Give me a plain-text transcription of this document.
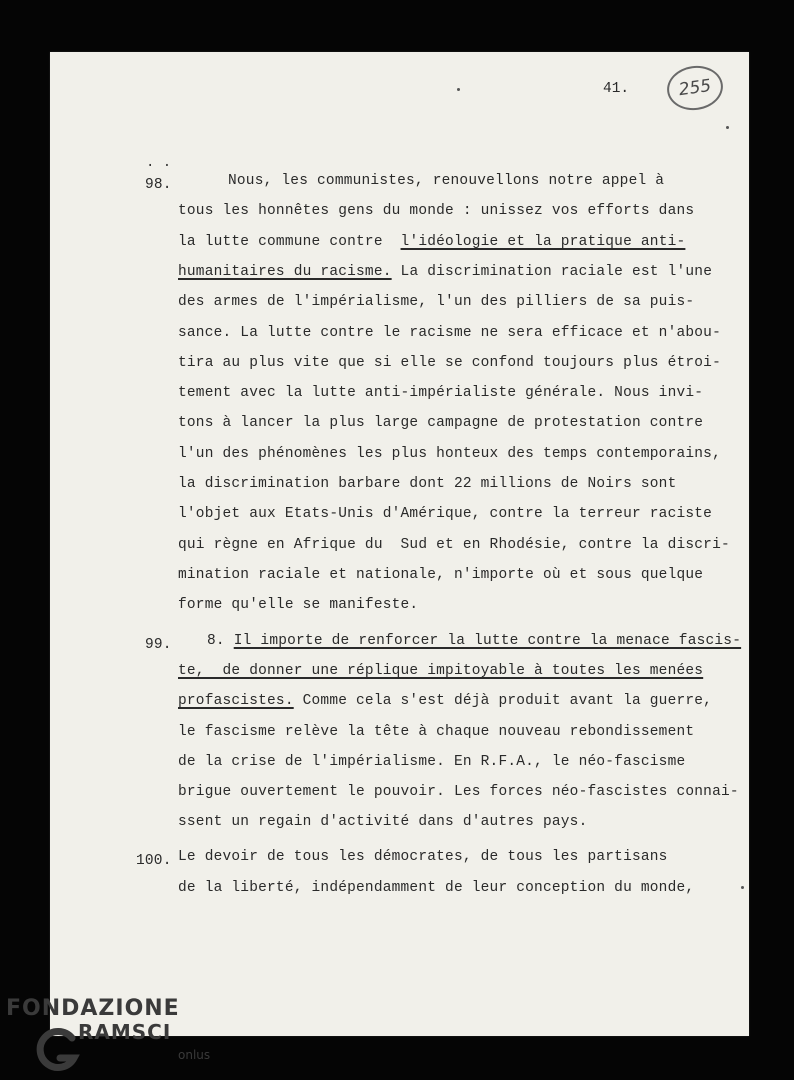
41.	255
. .
98.	Nous, les communistes, renouvellons notre appel à
tous les honnêtes gens du monde : unissez vos efforts dans
la lutte commune contre  l'idéologie et la pratique anti-
humanitaires du racisme. La discrimination raciale est l'une
des armes de l'impérialisme, l'un des pilliers de sa puis-
sance. La lutte contre le racisme ne sera efficace et n'abou-
tira au plus vite que si elle se confond toujours plus étroi-
tement avec la lutte anti-impérialiste générale. Nous invi-
tons à lancer la plus large campagne de protestation contre
l'un des phénomènes les plus honteux des temps contemporains,
la discrimination barbare dont 22 millions de Noirs sont
l'objet aux Etats-Unis d'Amérique, contre la terreur raciste
qui règne en Afrique du  Sud et en Rhodésie, contre la discri-
mination raciale et nationale, n'importe où et sous quelque
forme qu'elle se manifeste.
99. 8. Il importe de renforcer la lutte contre la menace fascis-
te,  de donner une réplique impitoyable à toutes les menées
profascistes. Comme cela s'est déjà produit avant la guerre,
le fascisme relève la tête à chaque nouveau rebondissement
de la crise de l'impérialisme. En R.F.A., le néo-fascisme
brigue ouvertement le pouvoir. Les forces néo-fascistes connai-
ssent un regain d'activité dans d'autres pays.
100. Le devoir de tous les démocrates, de tous les partisans
de la liberté, indépendamment de leur conception du monde,
FONDAZIONE
RAMSCI
onlus
